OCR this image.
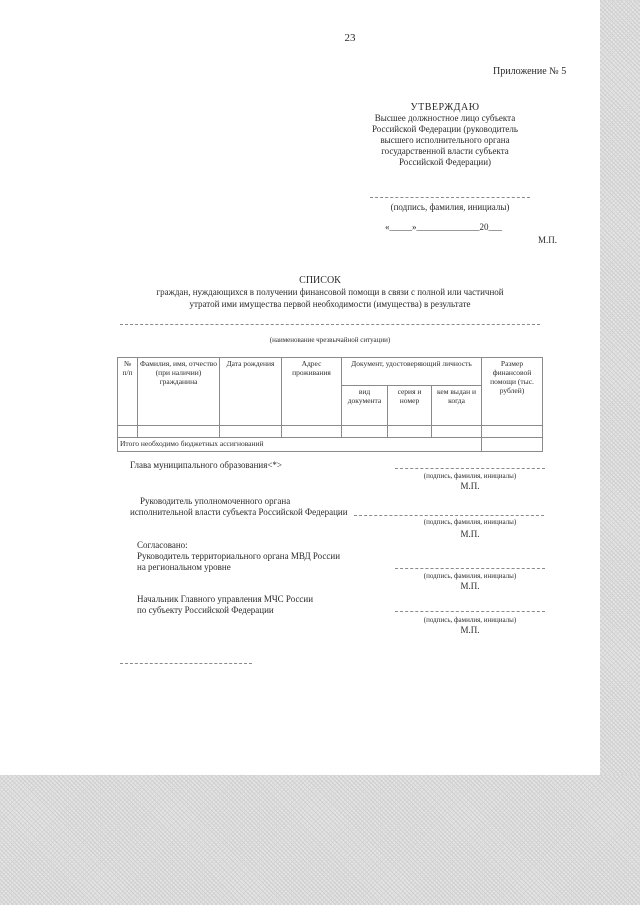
23
Приложение № 5
УТВЕРЖДАЮ
Высшее должностное лицо субъекта
Российской Федерации (руководитель
высшего исполнительного органа
государственной власти субъекта
Российской Федерации)
(подпись, фамилия, инициалы)
«_____»______________20___
М.П.
СПИСОК
граждан, нуждающихся в получении финансовой помощи в связи с полной или частичной
утратой ими имущества первой необходимости (имущества) в результате
(наименование чрезвычайной ситуации)
№ п/п	Фамилия, имя, отчество (при наличии) гражданина	Дата рождения	Адрес проживания	Документ, удостоверяющий личность			Размер финансовой помощи (тыс. рублей)
				вид документа	серия и номер	кем выдан и когда	

Итого необходимо бюджетных ассигнований							
Глава муниципального образования<*>
(подпись, фамилия, инициалы)
М.П.
Руководитель уполномоченного органа
исполнительной власти субъекта Российской Федерации
(подпись, фамилия, инициалы)
М.П.
Согласовано:
Руководитель территориального органа МВД России
на региональном уровне
(подпись, фамилия, инициалы)
М.П.
Начальник Главного управления МЧС России
по субъекту Российской Федерации
(подпись, фамилия, инициалы)
М.П.
